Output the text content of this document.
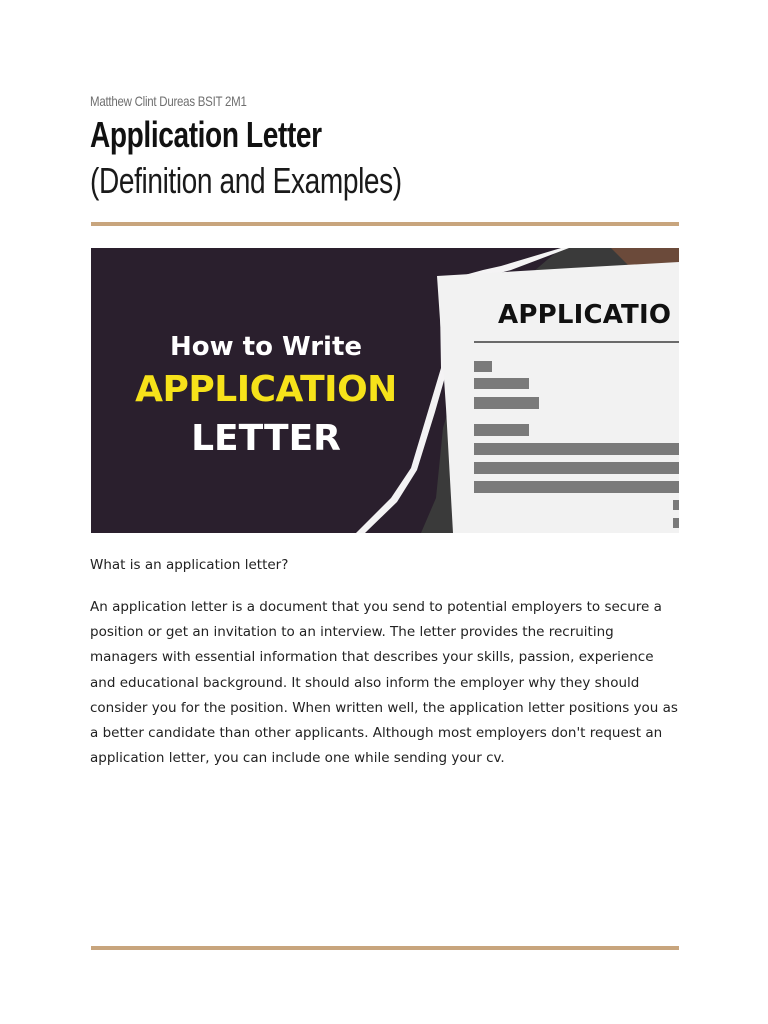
Matthew Clint Dureas BSIT 2M1
Application Letter
(Definition and Examples)
APPLICATIO
How to Write
APPLICATION
LETTER
What is an application letter?
An application letter is a document that you send to potential employers to secure a position or get an invitation to an interview. The letter provides the recruiting managers with essential information that describes your skills, passion, experience and educational background. It should also inform the employer why they should consider you for the position. When written well, the application letter positions you as a better candidate than other applicants. Although most employers don't request an application letter, you can include one while sending your cv.
